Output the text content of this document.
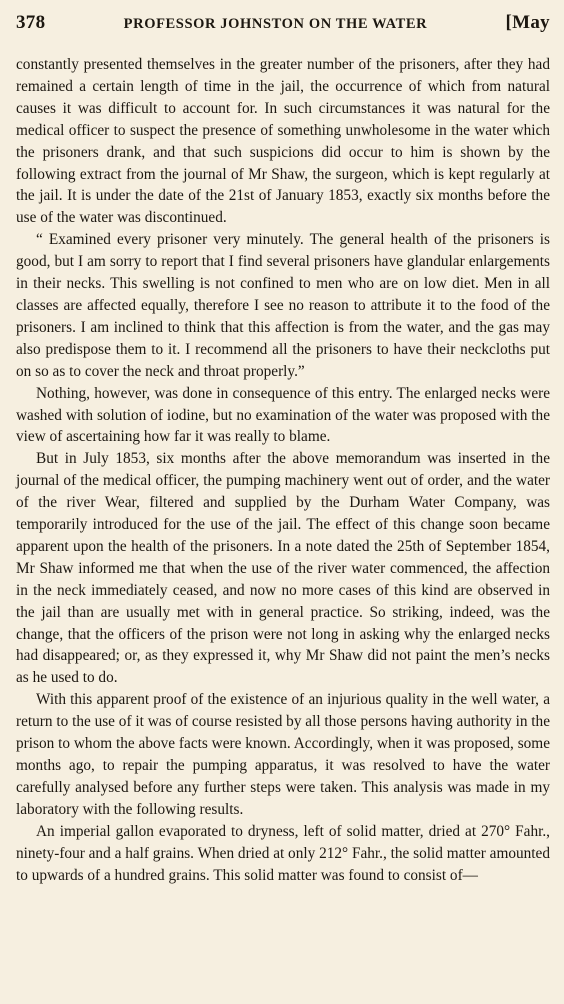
378	PROFESSOR JOHNSTON ON THE WATER	[May

constantly presented themselves in the greater number of the prisoners, after they had remained a certain length of time in the jail, the occurrence of which from natural causes it was difficult to account for. In such circumstances it was natural for the medical officer to suspect the presence of something unwholesome in the water which the prisoners drank, and that such suspicions did occur to him is shown by the following extract from the journal of Mr Shaw, the surgeon, which is kept regularly at the jail. It is under the date of the 21st of January 1853, exactly six months before the use of the water was discontinued.

“ Examined every prisoner very minutely. The general health of the prisoners is good, but I am sorry to report that I find several prisoners have glandular enlargements in their necks. This swelling is not confined to men who are on low diet. Men in all classes are affected equally, therefore I see no reason to attribute it to the food of the prisoners. I am inclined to think that this affection is from the water, and the gas may also predispose them to it. I recommend all the prisoners to have their neckcloths put on so as to cover the neck and throat properly.”

Nothing, however, was done in consequence of this entry. The enlarged necks were washed with solution of iodine, but no examination of the water was proposed with the view of ascertaining how far it was really to blame.

But in July 1853, six months after the above memorandum was inserted in the journal of the medical officer, the pumping machinery went out of order, and the water of the river Wear, filtered and supplied by the Durham Water Company, was temporarily introduced for the use of the jail. The effect of this change soon became apparent upon the health of the prisoners. In a note dated the 25th of September 1854, Mr Shaw informed me that when the use of the river water commenced, the affection in the neck immediately ceased, and now no more cases of this kind are observed in the jail than are usually met with in general practice. So striking, indeed, was the change, that the officers of the prison were not long in asking why the enlarged necks had disappeared; or, as they expressed it, why Mr Shaw did not paint the men’s necks as he used to do.

With this apparent proof of the existence of an injurious quality in the well water, a return to the use of it was of course resisted by all those persons having authority in the prison to whom the above facts were known. Accordingly, when it was proposed, some months ago, to repair the pumping apparatus, it was resolved to have the water carefully analysed before any further steps were taken. This analysis was made in my laboratory with the following results.

An imperial gallon evaporated to dryness, left of solid matter, dried at 270° Fahr., ninety-four and a half grains. When dried at only 212° Fahr., the solid matter amounted to upwards of a hundred grains. This solid matter was found to consist of—
